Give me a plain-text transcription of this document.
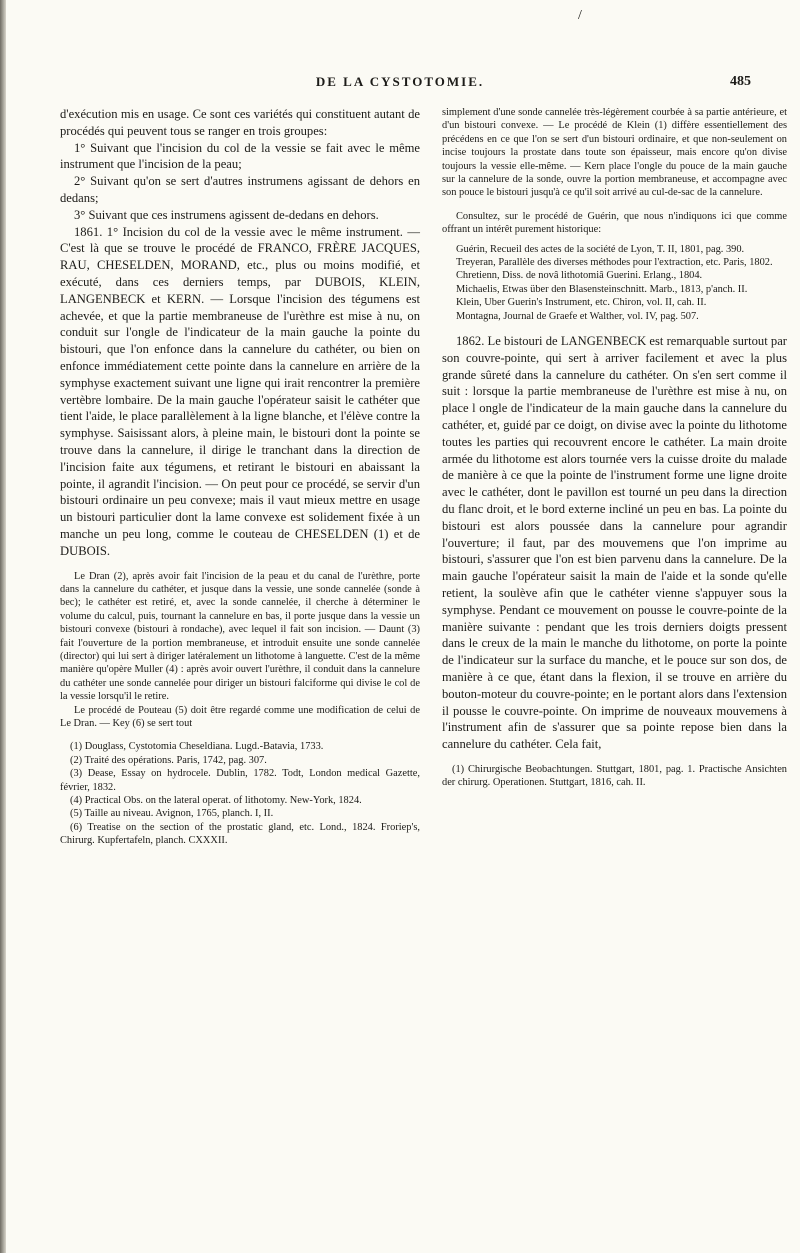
/
DE LA CYSTOTOMIE.	485

d'exécution mis en usage. Ce sont ces variétés qui constituent autant de procédés qui peuvent tous se ranger en trois groupes:

1° Suivant que l'incision du col de la vessie se fait avec le même instrument que l'incision de la peau;

2° Suivant qu'on se sert d'autres instrumens agissant de dehors en dedans;

3° Suivant que ces instrumens agissent de-dedans en dehors.

1861. 1° Incision du col de la vessie avec le même instrument. — C'est là que se trouve le procédé de FRANCO, FRÈRE JACQUES, RAU, CHESELDEN, MORAND, etc., plus ou moins modifié, et exécuté, dans ces derniers temps, par DUBOIS, KLEIN, LANGENBECK et KERN. — Lorsque l'incision des tégumens est achevée, et que la partie membraneuse de l'urèthre est mise à nu, on conduit sur l'ongle de l'indicateur de la main gauche la pointe du bistouri, que l'on enfonce dans la cannelure du cathéter, ou bien on enfonce immédiatement cette pointe dans la cannelure en arrière de la symphyse exactement suivant une ligne qui irait rencontrer la première vertèbre lombaire. De la main gauche l'opérateur saisit le cathéter que tient l'aide, le place parallèlement à la ligne blanche, et l'élève contre la symphyse. Saisissant alors, à pleine main, le bistouri dont la pointe se trouve dans la cannelure, il dirige le tranchant dans la direction de l'incision faite aux tégumens, et retirant le bistouri en abaissant la pointe, il agrandit l'incision. — On peut pour ce procédé, se servir d'un bistouri ordinaire un peu convexe; mais il vaut mieux mettre en usage un bistouri particulier dont la lame convexe est solidement fixée à un manche un peu long, comme le couteau de CHESELDEN (1) et de DUBOIS.

Le Dran (2), après avoir fait l'incision de la peau et du canal de l'urèthre, porte dans la cannelure du cathéter, et jusque dans la vessie, une sonde cannelée (sonde à bec); le cathéter est retiré, et, avec la sonde cannelée, il cherche à déterminer le volume du calcul, puis, tournant la cannelure en bas, il porte jusque dans la vessie un bistouri convexe (bistouri à rondache), avec lequel il fait son incision. — Daunt (3) fait l'ouverture de la portion membraneuse, et introduit ensuite une sonde cannelée (director) qui lui sert à diriger latéralement un lithotome à languette. C'est de la même manière qu'opère Muller (4) : après avoir ouvert l'urèthre, il conduit dans la cannelure du cathéter une sonde cannelée pour diriger un bistouri falciforme qui divise le col de la vessie lorsqu'il le retire.

Le procédé de Pouteau (5) doit être regardé comme une modification de celui de Le Dran. — Key (6) se sert tout

(1) Douglass, Cystotomia Cheseldiana. Lugd.-Batavia, 1733.

(2) Traité des opérations. Paris, 1742, pag. 307.

(3) Dease, Essay on hydrocele. Dublin, 1782. Todt, London medical Gazette, février, 1832.

(4) Practical Obs. on the lateral operat. of lithotomy. New-York, 1824.

(5) Taille au niveau. Avignon, 1765, planch. I, II.

(6) Treatise on the section of the prostatic gland, etc. Lond., 1824. Froriep's, Chirurg. Kupfertafeln, planch. CXXXII.

simplement d'une sonde cannelée très-légèrement courbée à sa partie antérieure, et d'un bistouri convexe. — Le procédé de Klein (1) diffère essentiellement des précédens en ce que l'on se sert d'un bistouri ordinaire, et que non-seulement on incise toujours la prostate dans toute son épaisseur, mais encore qu'on divise toujours la vessie elle-même. — Kern place l'ongle du pouce de la main gauche sur la cannelure de la sonde, ouvre la portion membraneuse, et accompagne avec son pouce le bistouri jusqu'à ce qu'il soit arrivé au cul-de-sac de la cannelure.

Consultez, sur le procédé de Guérin, que nous n'indiquons ici que comme offrant un intérêt purement historique:

Guérin, Recueil des actes de la société de Lyon, T. II, 1801, pag. 390.

Treyeran, Parallèle des diverses méthodes pour l'extraction, etc. Paris, 1802.

Chretienn, Diss. de novâ lithotomiâ Guerini. Erlang., 1804.

Michaelis, Etwas über den Blasensteinschnitt. Marb., 1813, p'anch. II.

Klein, Uber Guerin's Instrument, etc. Chiron, vol. II, cah. II.

Montagna, Journal de Graefe et Walther, vol. IV, pag. 507.

1862. Le bistouri de LANGENBECK est remarquable surtout par son couvre-pointe, qui sert à arriver facilement et avec la plus grande sûreté dans la cannelure du cathéter. On s'en sert comme il suit : lorsque la partie membraneuse de l'urèthre est mise à nu, on place l ongle de l'indicateur de la main gauche dans la cannelure du cathéter, et, guidé par ce doigt, on divise avec la pointe du lithotome toutes les parties qui recouvrent encore le cathéter. La main droite armée du lithotome est alors tournée vers la cuisse droite du malade de manière à ce que la pointe de l'instrument forme une ligne droite avec le cathéter, dont le pavillon est tourné un peu dans la direction du flanc droit, et le bord externe incliné un peu en bas. La pointe du bistouri est alors poussée dans la cannelure pour agrandir l'ouverture; il faut, par des mouvemens que l'on imprime au bistouri, s'assurer que l'on est bien parvenu dans la cannelure. De la main gauche l'opérateur saisit la main de l'aide et la sonde qu'elle retient, la soulève afin que le cathéter vienne s'appuyer sous la symphyse. Pendant ce mouvement on pousse le couvre-pointe de la manière suivante : pendant que les trois derniers doigts pressent dans le creux de la main le manche du lithotome, on porte la pointe de l'indicateur sur la surface du manche, et le pouce sur son dos, de manière à ce que, étant dans la flexion, il se trouve en arrière du bouton-moteur du couvre-pointe; en le portant alors dans l'extension il pousse le couvre-pointe. On imprime de nouveaux mouvemens à l'instrument afin de s'assurer que sa pointe repose bien dans la cannelure du cathéter. Cela fait,

(1) Chirurgische Beobachtungen. Stuttgart, 1801, pag. 1. Practische Ansichten der chirurg. Operationen. Stuttgart, 1816, cah. II.
